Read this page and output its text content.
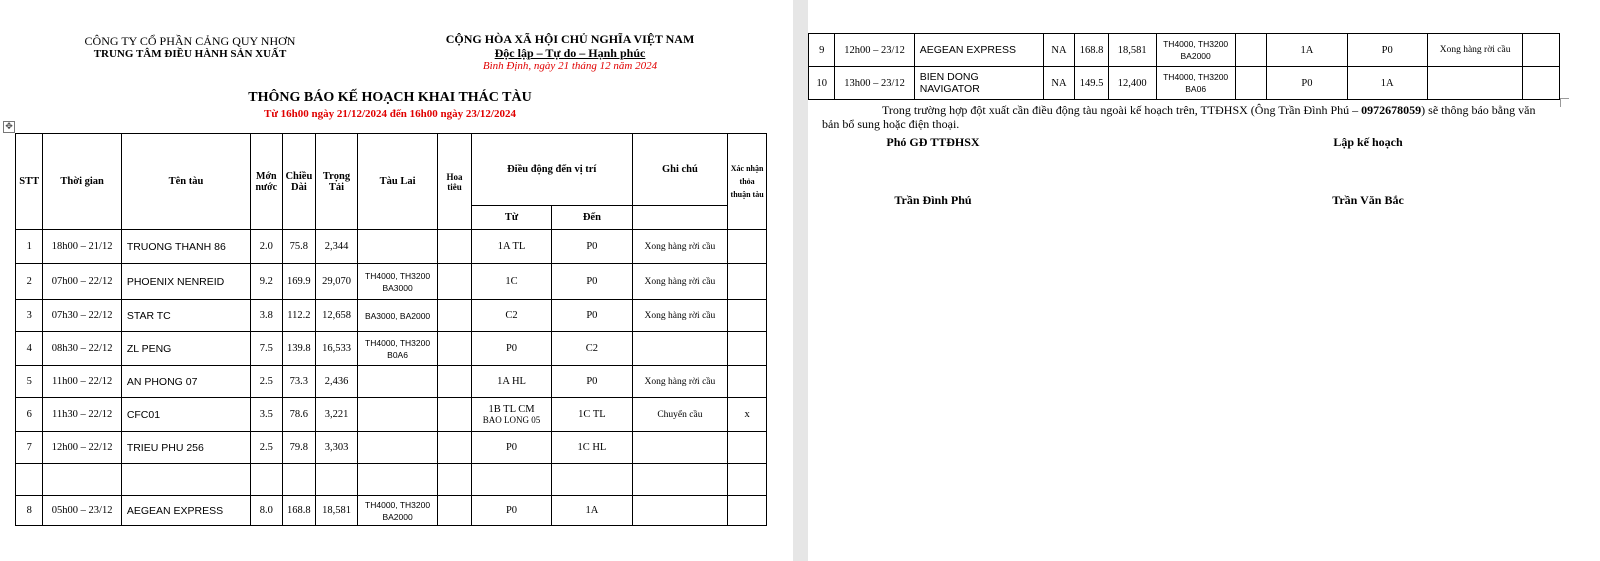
CÔNG TY CỔ PHẦN CẢNG QUY NHƠN
TRUNG TÂM ĐIỀU HÀNH SẢN XUẤT
CỘNG HÒA XÃ HỘI CHỦ NGHĨA VIỆT NAM
Độc lập – Tự do – Hạnh phúc
Bình Định, ngày 21 tháng 12 năm 2024
THÔNG BÁO KẾ HOẠCH KHAI THÁC TÀU
Từ 16h00 ngày 21/12/2024 đến 16h00 ngày 23/12/2024
✥
STT	Thời gian	Tên tàu	Mớn nước	Chiều Dài	Trọng Tải	Tàu Lai	Hoa tiêu	Điều động đến vị trí		Ghi chú	Xác nhận thỏa thuận tàu
								Từ	Đến		
1	18h00 – 21/12	TRUONG THANH 86	2.0	75.8	2,344			1A TL	P0	Xong hàng rời cầu	
2	07h00 – 22/12	PHOENIX NENREID	9.2	169.9	29,070	TH4000, TH3200
BA3000		1C	P0	Xong hàng rời cầu	
3	07h30 – 22/12	STAR TC	3.8	112.2	12,658	BA3000, BA2000		C2	P0	Xong hàng rời cầu	
4	08h30 – 22/12	ZL PENG	7.5	139.8	16,533	TH4000, TH3200
B0A6		P0	C2		
5	11h00 – 22/12	AN PHONG 07	2.5	73.3	2,436			1A HL	P0	Xong hàng rời cầu	
6	11h30 – 22/12	CFC01	3.5	78.6	3,221			1B TL CM
BAO LONG 05	1C TL	Chuyển cầu	x
7	12h00 – 22/12	TRIEU PHU 256	2.5	79.8	3,303			P0	1C HL		

8	05h00 – 23/12	AEGEAN EXPRESS	8.0	168.8	18,581	TH4000, TH3200
BA2000		P0	1A		
9	12h00 – 23/12	AEGEAN EXPRESS	NA	168.8	18,581	TH4000, TH3200
BA2000		1A	P0	Xong hàng rời cầu	
10	13h00 – 23/12	BIEN DONG
NAVIGATOR	NA	149.5	12,400	TH4000, TH3200
BA06		P0	1A		
Trong trường hợp đột xuất cần điều động tàu ngoài kế hoạch trên, TTĐHSX (Ông Trần Đình Phú – 0972678059) sẽ thông báo bằng văn bản bổ sung hoặc điện thoại.
Phó GĐ TTĐHSX
Trần Đình Phú
Lập kế hoạch
Trần Văn Bắc
